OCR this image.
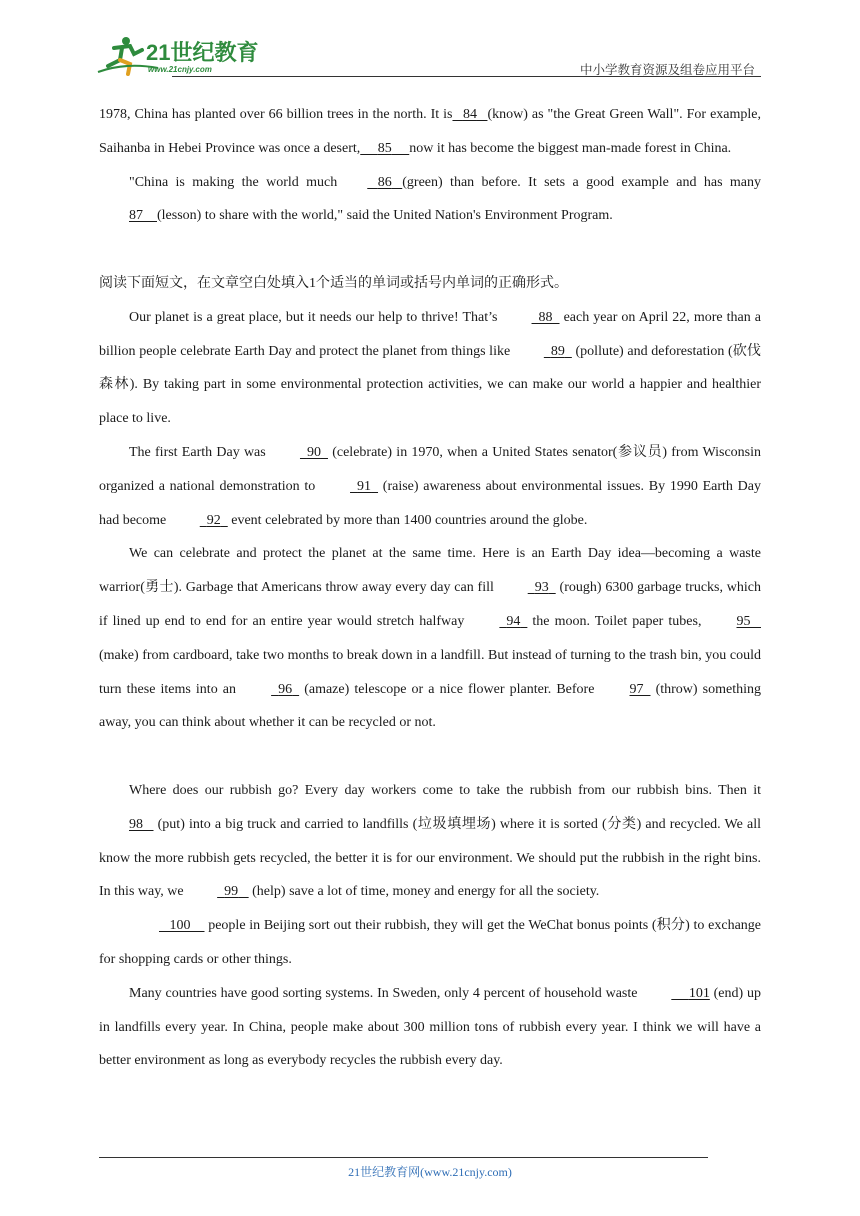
21世纪教育
www.21cnjy.com	中小学教育资源及组卷应用平台

1978, China has planted over 66 billion trees in the north. It is 84 (know) as "the Great Green Wall". For example, Saihanba in Hebei Province was once a desert, 85 now it has become the biggest man-made forest in China.

"China is making the world much	86 (green) than before. It sets a good example and has many 87 (lesson) to share with the world," said the United Nation's Environment Program.

阅读下面短文，在文章空白处填入1个适当的单词或括号内单词的正确形式。

Our planet is a great place, but it needs our help to thrive! That’s	88 each year on April 22, more than a billion people celebrate Earth Day and protect the planet from things like	89 (pollute) and deforestation (砍伐森林). By taking part in some environmental protection activities, we can make our world a happier and healthier place to live.

The first Earth Day was	90 (celebrate) in 1970, when a United States senator(参议员) from Wisconsin organized a national demonstration to	91 (raise) awareness about environmental issues. By 1990 Earth Day had become	92 event celebrated by more than 1400 countries around the globe.

We can celebrate and protect the planet at the same time. Here is an Earth Day idea—becoming a waste warrior(勇士). Garbage that Americans throw away every day can fill	93 (rough) 6300 garbage trucks, which if lined up end to end for an entire year would stretch halfway	94 the moon. Toilet paper tubes,	95    (make) from cardboard, take two months to break down in a landfill. But instead of turning to the trash bin, you could turn these items into an	96 (amaze) telescope or a nice flower planter. Before	97 (throw) something away, you can think about whether it can be recycled or not.

Where does our rubbish go? Every day workers come to take the rubbish from our rubbish bins. Then it 98 (put) into a big truck and carried to landfills (垃圾填埋场) where it is sorted (分类) and recycled. We all know the more rubbish gets recycled, the better it is for our environment. We should put the rubbish in the right bins. In this way, we	99 (help) save a lot of time, money and energy for all the society.

100 people in Beijing sort out their rubbish, they will get the WeChat bonus points (积分) to exchange for shopping cards or other things.

Many countries have good sorting systems. In Sweden, only 4 percent of household waste	101 (end) up in landfills every year. In China, people make about 300 million tons of rubbish every year. I think we will have a better environment as long as everybody recycles the rubbish every day.

21世纪教育网(www.21cnjy.com)
